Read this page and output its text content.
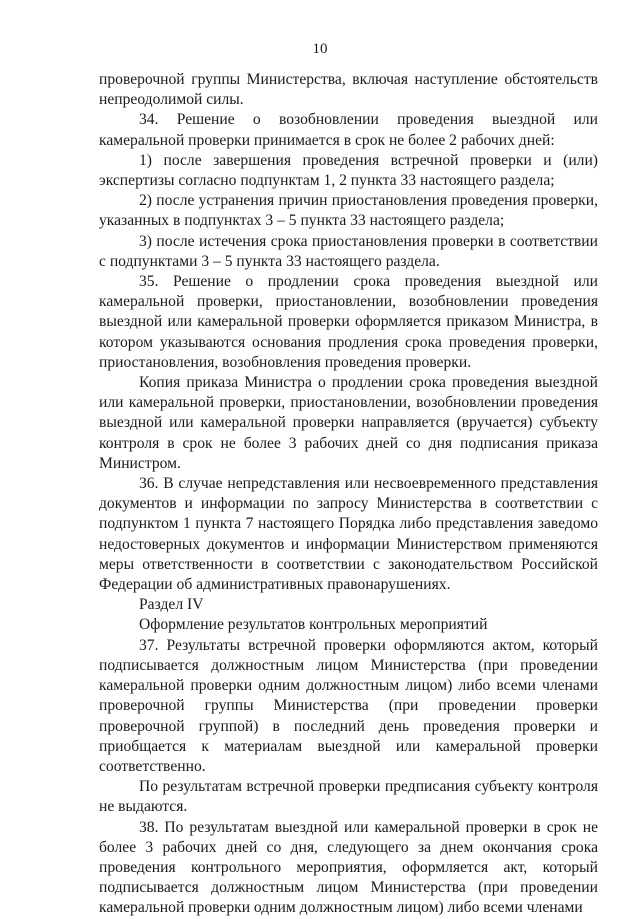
10

проверочной группы Министерства, включая наступление обстоятельств непреодолимой силы.

34. Решение о возобновлении проведения выездной или камеральной проверки принимается в срок не более 2 рабочих дней:

1) после завершения проведения встречной проверки и (или) экспертизы согласно подпунктам 1, 2 пункта 33 настоящего раздела;

2) после устранения причин приостановления проведения проверки, указанных в подпунктах 3 – 5 пункта 33 настоящего раздела;

3) после истечения срока приостановления проверки в соответствии с подпунктами 3 – 5 пункта 33 настоящего раздела.

35. Решение о продлении срока проведения выездной или камеральной проверки, приостановлении, возобновлении проведения выездной или камеральной проверки оформляется приказом Министра, в котором указываются основания продления срока проведения проверки, приостановления, возобновления проведения проверки.

Копия приказа Министра о продлении срока проведения выездной или камеральной проверки, приостановлении, возобновлении проведения выездной или камеральной проверки направляется (вручается) субъекту контроля в срок не более 3 рабочих дней со дня подписания приказа Министром.

36. В случае непредставления или несвоевременного представления документов и информации по запросу Министерства в соответствии с подпунктом 1 пункта 7 настоящего Порядка либо представления заведомо недостоверных документов и информации Министерством применяются меры ответственности в соответствии с законодательством Российской Федерации об административных правонарушениях.

Раздел IV

Оформление результатов контрольных мероприятий

37. Результаты встречной проверки оформляются актом, который подписывается должностным лицом Министерства (при проведении камеральной проверки одним должностным лицом) либо всеми членами проверочной группы Министерства (при проведении проверки проверочной группой) в последний день проведения проверки и приобщается к материалам выездной или камеральной проверки соответственно.

По результатам встречной проверки предписания субъекту контроля не выдаются.

38. По результатам выездной или камеральной проверки в срок не более 3 рабочих дней со дня, следующего за днем окончания срока проведения контрольного мероприятия, оформляется акт, который подписывается должностным лицом Министерства (при проведении камеральной проверки одним должностным лицом) либо всеми членами
